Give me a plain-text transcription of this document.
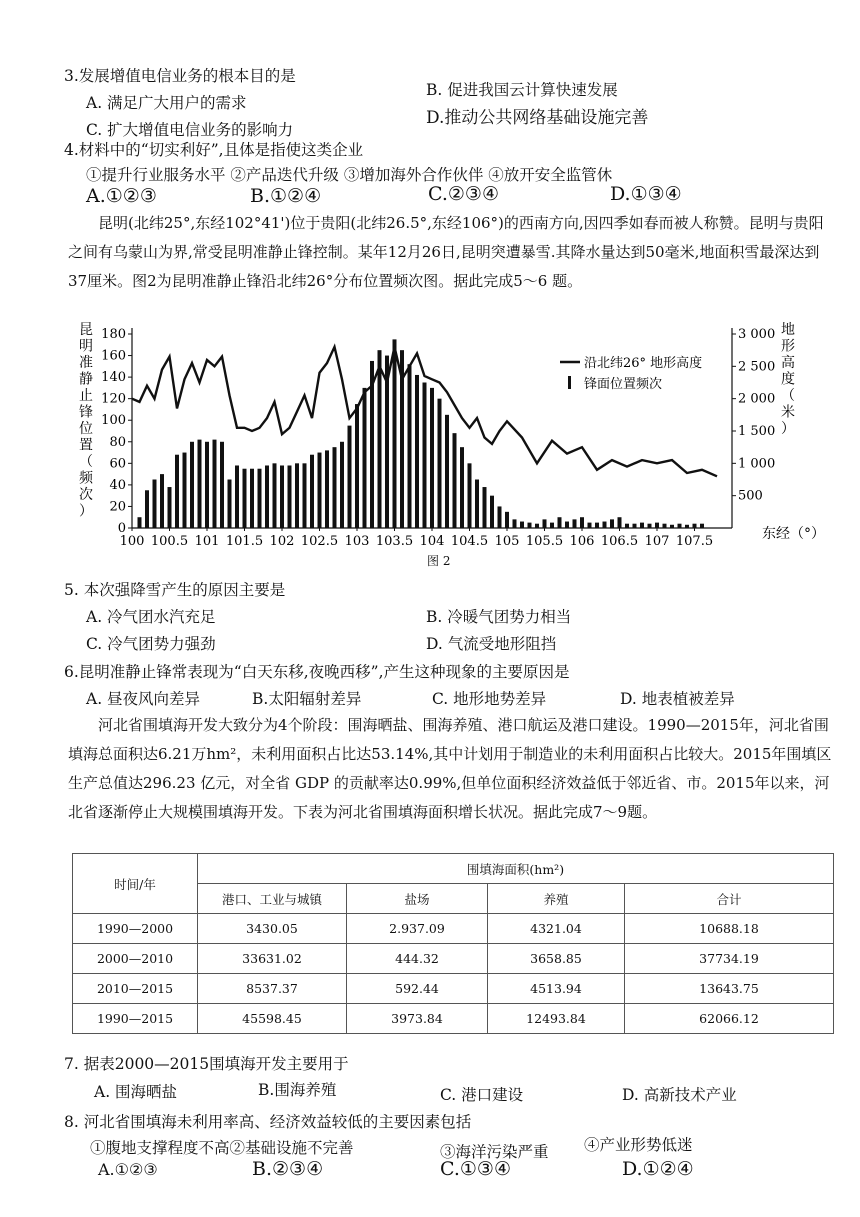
3.发展增值电信业务的根本目的是
A. 满足广大用户的需求
B. 促进我国云计算快速发展
C. 扩大增值电信业务的影响力
D.推动公共网络基础设施完善
4.材料中的“切实利好”,且体是指使这类企业
①提升行业服务水平 ②产品迭代升级 ③增加海外合作伙伴 ④放开安全监管休
A.①②③	B.①②④	C.②③④	D.①③④
昆明(北纬25°,东经102°41')位于贵阳(北纬26.5°,东经106°)的西南方向,因四季如春而被人称赞。昆明与贵阳之间有乌蒙山为界,常受昆明准静止锋控制。某年12月26日,昆明突遭暴雪.其降水量达到50毫米,地面积雪最深达到37厘米。图2为昆明准静止锋沿北纬26°分布位置频次图。据此完成5～6 题。
0
20
40
60
80
100
120
140
160
180
500
1 000
1 500
2 000
2 500
3 000
100 100.5 101 101.5 102 102.5 103 103.5 104 104.5 105 105.5 106 106.5 107 107.5
昆明准静止锋位置（频次）
地形高度（米）
沿北纬26° 地形高度
锋面位置频次
东经（°）
图 2
5. 本次强降雪产生的原因主要是
A. 冷气团水汽充足	B. 冷暖气团势力相当
C. 冷气团势力强劲	D. 气流受地形阻挡
6.昆明准静止锋常表现为“白天东移,夜晚西移”,产生这种现象的主要原因是
A. 昼夜风向差异	B.太阳辐射差异	C. 地形地势差异	D. 地表植被差异
河北省围填海开发大致分为4个阶段：围海晒盐、围海养殖、港口航运及港口建设。1990—2015年，河北省围填海总面积达6.21万hm²，未利用面积占比达53.14%,其中计划用于制造业的未利用面积占比较大。2015年围填区生产总值达296.23 亿元，对全省 GDP 的贡献率达0.99%,但单位面积经济效益低于邻近省、市。2015年以来，河北省逐渐停止大规模围填海开发。下表为河北省围填海面积增长状况。据此完成7～9题。
时间/年	围填海面积(hm²)			
	港口、工业与城镇	盐场	养殖	合计
1990—2000	3430.05	2.937.09	4321.04	10688.18
2000—2010	33631.02	444.32	3658.85	37734.19
2010—2015	8537.37	592.44	4513.94	13643.75
1990—2015	45598.45	3973.84	12493.84	62066.12
7. 据表2000—2015围填海开发主要用于
A. 围海晒盐	B.围海养殖	C. 港口建设	D. 高新技术产业
8. 河北省围填海未利用率高、经济效益较低的主要因素包括
①腹地支撑程度不高②基础设施不完善	③海洋污染严重 ④产业形势低迷
A.①②③	B.②③④	C.①③④	D.①②④
